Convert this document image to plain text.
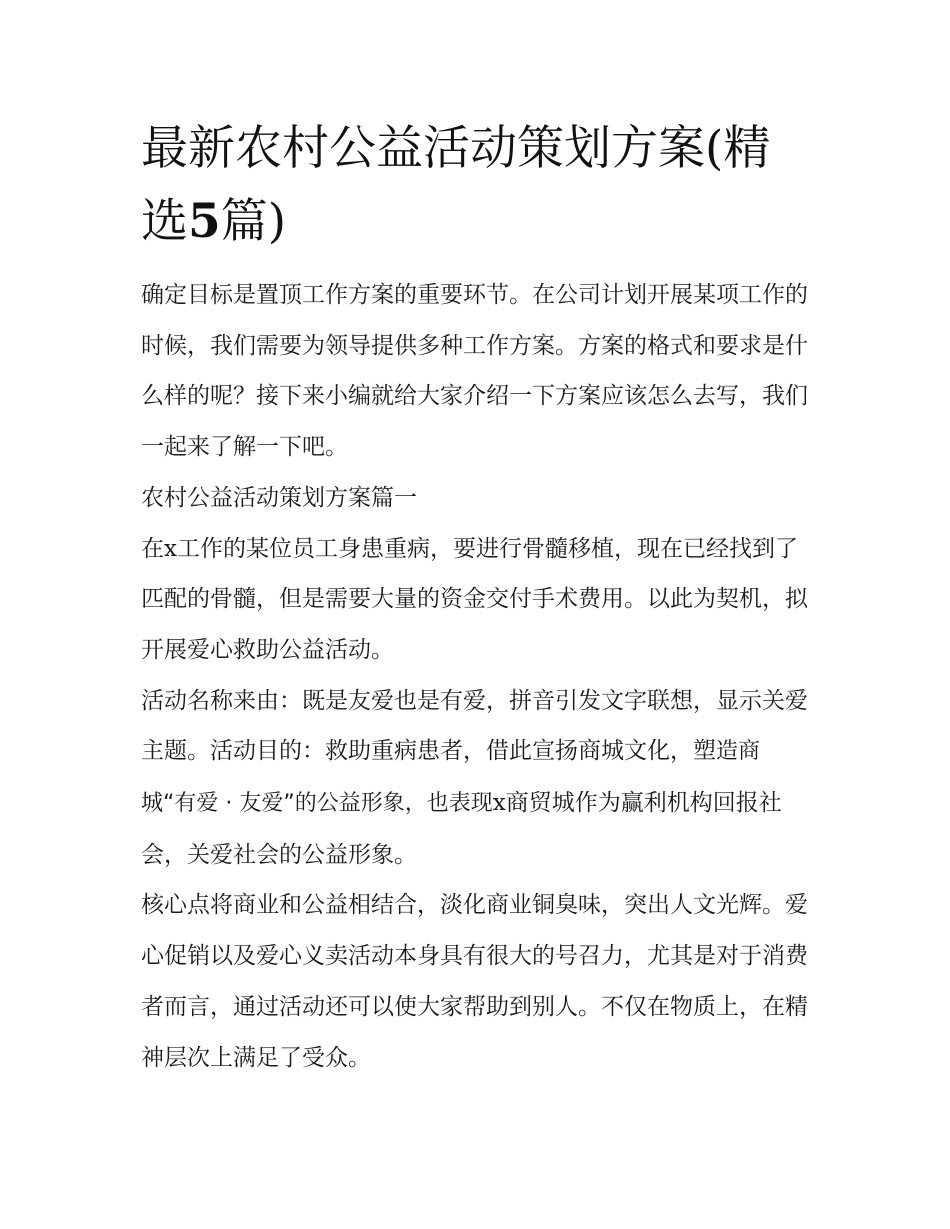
最新农村公益活动策划方案(精选5篇)

确定目标是置顶工作方案的重要环节。在公司计划开展某项工作的时候，我们需要为领导提供多种工作方案。方案的格式和要求是什么样的呢？接下来小编就给大家介绍一下方案应该怎么去写，我们一起来了解一下吧。

农村公益活动策划方案篇一

在x工作的某位员工身患重病，要进行骨髓移植，现在已经找到了匹配的骨髓，但是需要大量的资金交付手术费用。以此为契机，拟开展爱心救助公益活动。

活动名称来由：既是友爱也是有爱，拼音引发文字联想，显示关爱主题。活动目的：救助重病患者，借此宣扬商城文化，塑造商城“有爱 · 友爱”的公益形象，也表现x商贸城作为赢利机构回报社会，关爱社会的公益形象。

核心点将商业和公益相结合，淡化商业铜臭味，突出人文光辉。爱心促销以及爱心义卖活动本身具有很大的号召力，尤其是对于消费者而言，通过活动还可以使大家帮助到别人。不仅在物质上，在精神层次上满足了受众。
